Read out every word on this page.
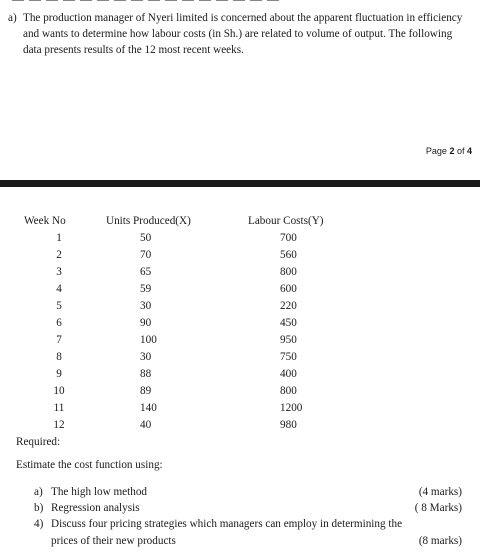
a) The production manager of Nyeri limited is concerned about the apparent fluctuation in efficiency and wants to determine how labour costs (in Sh.) are related to volume of output. The following data presents results of the 12 most recent weeks.
Page 2 of 4
Week No	Units Produced(X)	Labour Costs(Y)
1	50	700
2	70	560
3	65	800
4	59	600
5	30	220
6	90	450
7	100	950
8	30	750
9	88	400
10	89	800
11	140	1200
12	40	980
Required:
Estimate the cost function using:
a) The high low method	(4 marks)
b) Regression analysis	( 8 Marks)
4) Discuss four pricing strategies which managers can employ in determining the prices of their new products	(8 marks)
